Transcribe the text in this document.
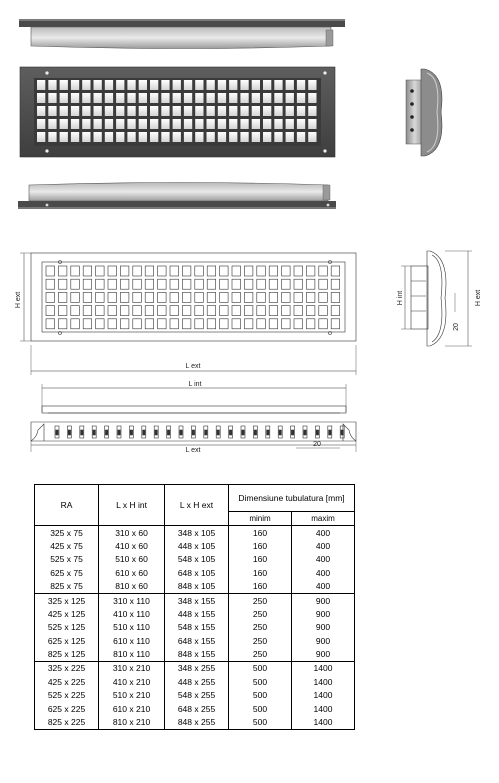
H ext
L ext
L int
L ext
20
H int	H ext
20
RA	L x H int	L x H ext	Dimensiune tubulatura [mm]	
			minim	maxim
325 x 75	310 x 60	348 x 105	160	400
425 x 75	410 x 60	448 x 105	160	400
525 x 75	510 x 60	548 x 105	160	400
625 x 75	610 x 60	648 x 105	160	400
825 x 75	810 x 60	848 x 105	160	400
325 x 125	310 x 110	348 x 155	250	900
425 x 125	410 x 110	448 x 155	250	900
525 x 125	510 x 110	548 x 155	250	900
625 x 125	610 x 110	648 x 155	250	900
825 x 125	810 x 110	848 x 155	250	900
325 x 225	310 x 210	348 x 255	500	1400
425 x 225	410 x 210	448 x 255	500	1400
525 x 225	510 x 210	548 x 255	500	1400
625 x 225	610 x 210	648 x 255	500	1400
825 x 225	810 x 210	848 x 255	500	1400
